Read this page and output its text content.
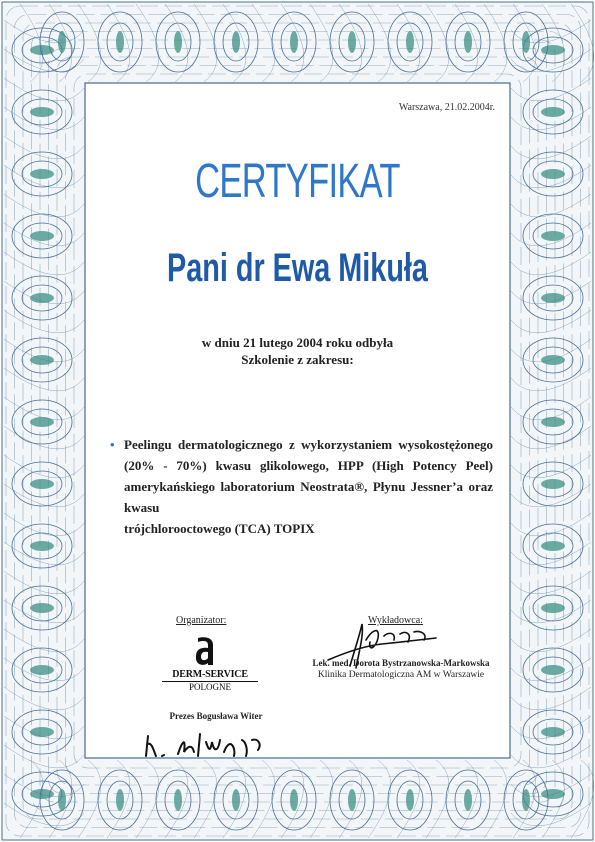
Warszawa, 21.02.2004r.
CERTYFIKAT
Pani dr Ewa Mikuła
w dniu 21 lutego 2004 roku odbyła
Szkolenie z zakresu:
• Peelingu dermatologicznego z wykorzystaniem wysokostężonego (20% - 70%) kwasu glikolowego, HPP (High Potency Peel) amerykańskiego laboratorium Neostrata®, Płynu Jessner’a oraz kwasu
trójchlorooctowego (TCA) TOPIX
Organizator:	Wykładowca:
DERM-SERVICE
POLOGNE
Prezes Bogusława Witer
Lek. med. Dorota Bystrzanowska-Markowska
Klinika Dermatologiczna AM w Warszawie
